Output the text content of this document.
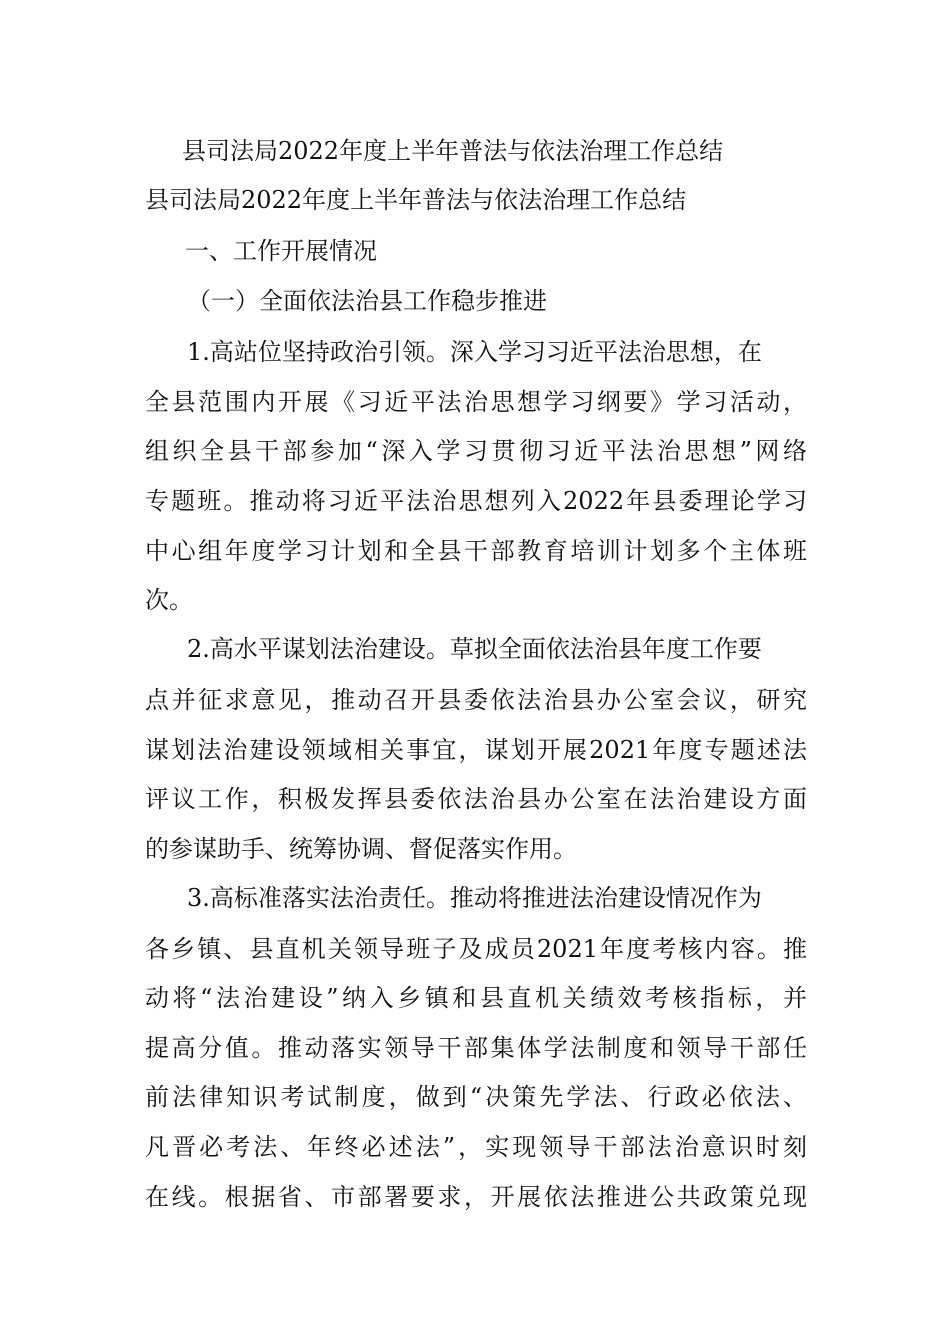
县司法局2022年度上半年普法与依法治理工作总结

县司法局2022年度上半年普法与依法治理工作总结

一、工作开展情况

（一）全面依法治县工作稳步推进

1.高站位坚持政治引领。深入学习习近平法治思想，在

全县范围内开展《习近平法治思想学习纲要》学习活动，

组织全县干部参加“深入学习贯彻习近平法治思想”网络

专题班。推动将习近平法治思想列入2022年县委理论学习

中心组年度学习计划和全县干部教育培训计划多个主体班

次。

2.高水平谋划法治建设。草拟全面依法治县年度工作要

点并征求意见，推动召开县委依法治县办公室会议，研究

谋划法治建设领域相关事宜，谋划开展2021年度专题述法

评议工作，积极发挥县委依法治县办公室在法治建设方面

的参谋助手、统筹协调、督促落实作用。

3.高标准落实法治责任。推动将推进法治建设情况作为

各乡镇、县直机关领导班子及成员2021年度考核内容。推

动将“法治建设”纳入乡镇和县直机关绩效考核指标，并

提高分值。推动落实领导干部集体学法制度和领导干部任

前法律知识考试制度，做到“决策先学法、行政必依法、

凡晋必考法、年终必述法”，实现领导干部法治意识时刻

在线。根据省、市部署要求，开展依法推进公共政策兑现
